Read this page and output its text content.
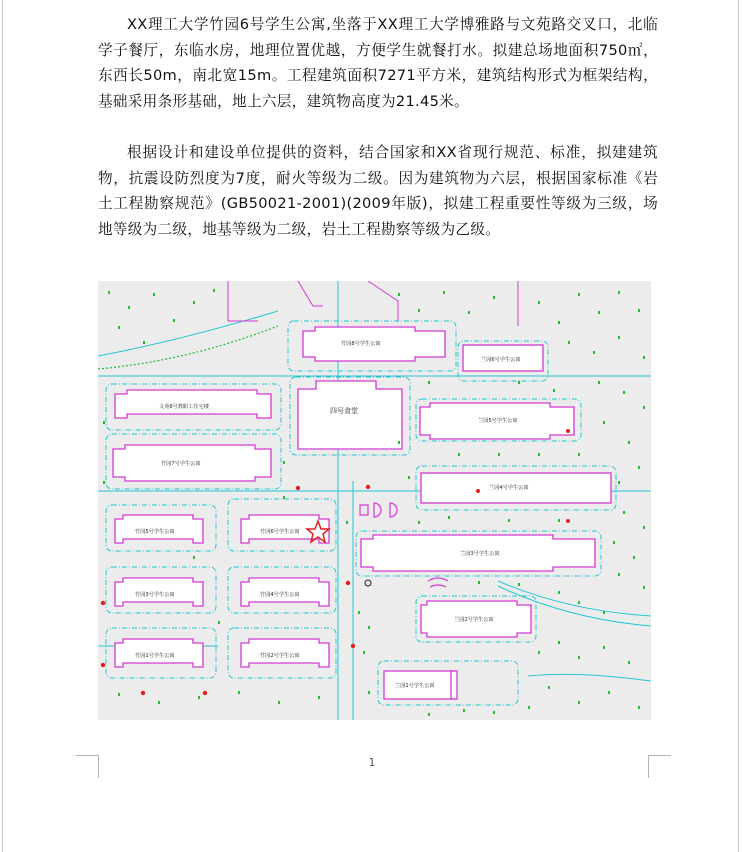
XX理工大学竹园6号学生公寓,坐落于XX理工大学博雅路与文苑路交叉口，北临学子餐厅，东临水房，地理位置优越，方便学生就餐打水。拟建总场地面积750㎡，东西长50m，南北宽15m。工程建筑面积7271平方米，建筑结构形式为框架结构，基础采用条形基础，地上六层，建筑物高度为21.45米。

根据设计和建设单位提供的资料，结合国家和XX省现行规范、标准，拟建建筑物，抗震设防烈度为7度，耐火等级为二级。因为建筑物为六层，根据国家标准《岩土工程勘察规范》(GB50021-2001)(2009年版)，拟建工程重要性等级为三级，场地等级为二级，地基等级为二级，岩土工程勘察等级为乙级。

竹园8号学生公寓
兰园6号学生公寓
文苑6号教职工住宅楼	四号食堂
兰园5号学生公寓
竹园7号学生公寓
兰园4号学生公寓
竹园5号学生公寓	竹园6号学生公寓
兰园3号学生公寓
竹园3号学生公寓	竹园4号学生公寓
兰园2号学生公寓
竹园1号学生公寓	竹园2号学生公寓
兰园1号学生公寓
1
